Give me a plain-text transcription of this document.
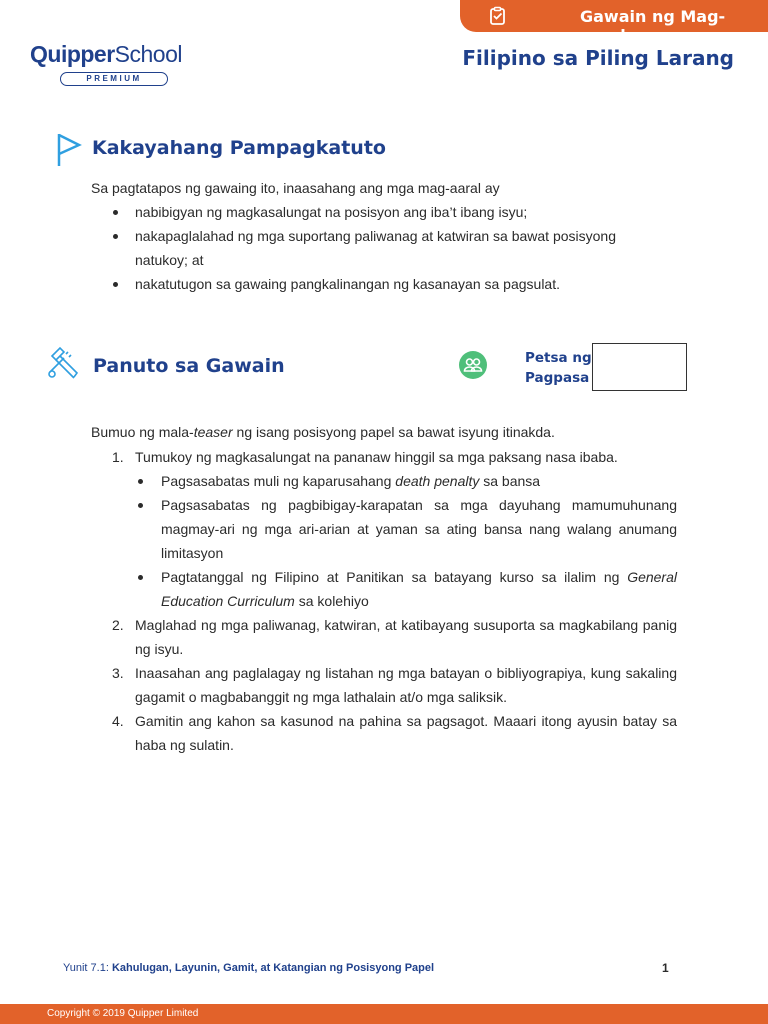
Gawain ng Mag-aaral
QuipperSchool
PREMIUM
Filipino sa Piling Larang
Kakayahang Pampagkatuto
Sa pagtatapos ng gawaing ito, inaasahang ang mga mag-aaral ay
nabibigyan ng magkasalungat na posisyon ang iba’t ibang isyu;
nakapaglalahad ng mga suportang paliwanag at katwiran sa bawat posisyong natukoy; at
nakatutugon sa gawaing pangkalinangan ng kasanayan sa pagsulat.
Panuto sa Gawain	Petsa ng Pagpasa
Bumuo ng mala-teaser ng isang posisyong papel sa bawat isyung itinakda.
1. Tumukoy ng magkasalungat na pananaw hinggil sa mga paksang nasa ibaba.
Pagsasabatas muli ng kaparusahang death penalty sa bansa
Pagsasabatas ng pagbibigay-karapatan sa mga dayuhang mamumuhunang magmay-ari ng mga ari-arian at yaman sa ating bansa nang walang anumang limitasyon
Pagtatanggal ng Filipino at Panitikan sa batayang kurso sa ilalim ng General Education Curriculum sa kolehiyo
2. Maglahad ng mga paliwanag, katwiran, at katibayang susuporta sa magkabilang panig ng isyu.
3. Inaasahan ang paglalagay ng listahan ng mga batayan o bibliyograpiya, kung sakaling gagamit o magbabanggit ng mga lathalain at/o mga saliksik.
4. Gamitin ang kahon sa kasunod na pahina sa pagsagot. Maaari itong ayusin batay sa haba ng sulatin.
Yunit 7.1: Kahulugan, Layunin, Gamit, at Katangian ng Posisyong Papel	1
Copyright © 2019 Quipper Limited
